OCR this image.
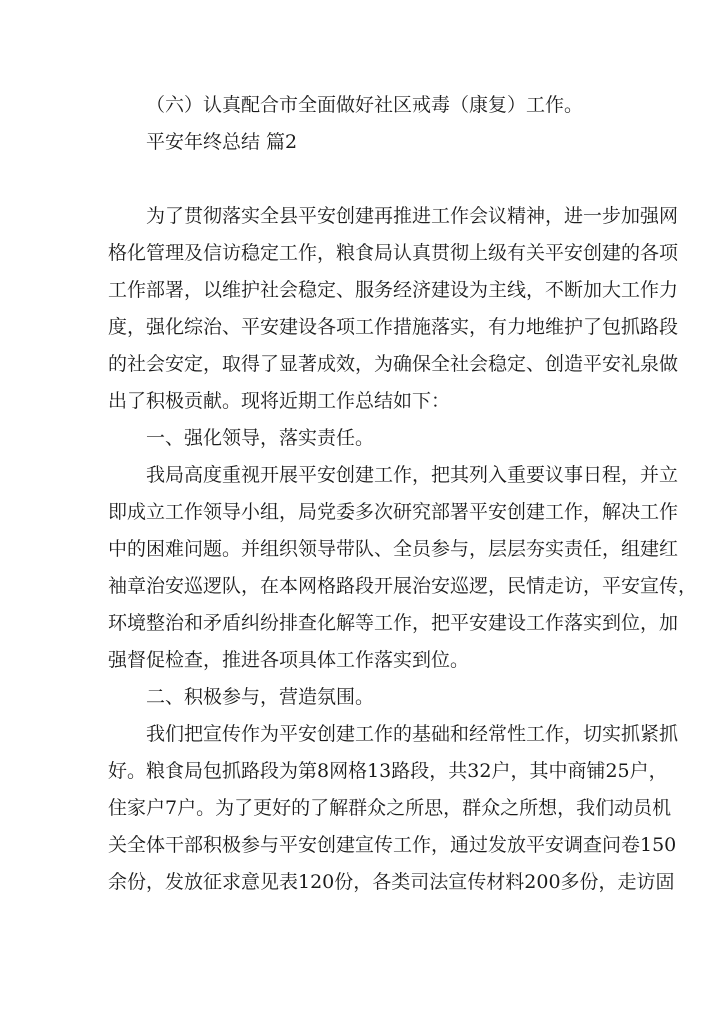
（六）认真配合市全面做好社区戒毒（康复）工作。

平安年终总结 篇2

为了贯彻落实全县平安创建再推进工作会议精神，进一步加强网

格化管理及信访稳定工作，粮食局认真贯彻上级有关平安创建的各项

工作部署，以维护社会稳定、服务经济建设为主线，不断加大工作力

度，强化综治、平安建设各项工作措施落实，有力地维护了包抓路段

的社会安定，取得了显著成效，为确保全社会稳定、创造平安礼泉做

出了积极贡献。现将近期工作总结如下：

一、强化领导，落实责任。

我局高度重视开展平安创建工作，把其列入重要议事日程，并立

即成立工作领导小组，局党委多次研究部署平安创建工作，解决工作

中的困难问题。并组织领导带队、全员参与，层层夯实责任，组建红

袖章治安巡逻队，在本网格路段开展治安巡逻，民情走访，平安宣传，

环境整治和矛盾纠纷排查化解等工作，把平安建设工作落实到位，加

强督促检查，推进各项具体工作落实到位。

二、积极参与，营造氛围。

我们把宣传作为平安创建工作的基础和经常性工作，切实抓紧抓

好。粮食局包抓路段为第8网格13路段，共32户，其中商铺25户，

住家户7户。为了更好的了解群众之所思，群众之所想，我们动员机

关全体干部积极参与平安创建宣传工作，通过发放平安调查问卷150

余份，发放征求意见表120份，各类司法宣传材料200多份，走访固
